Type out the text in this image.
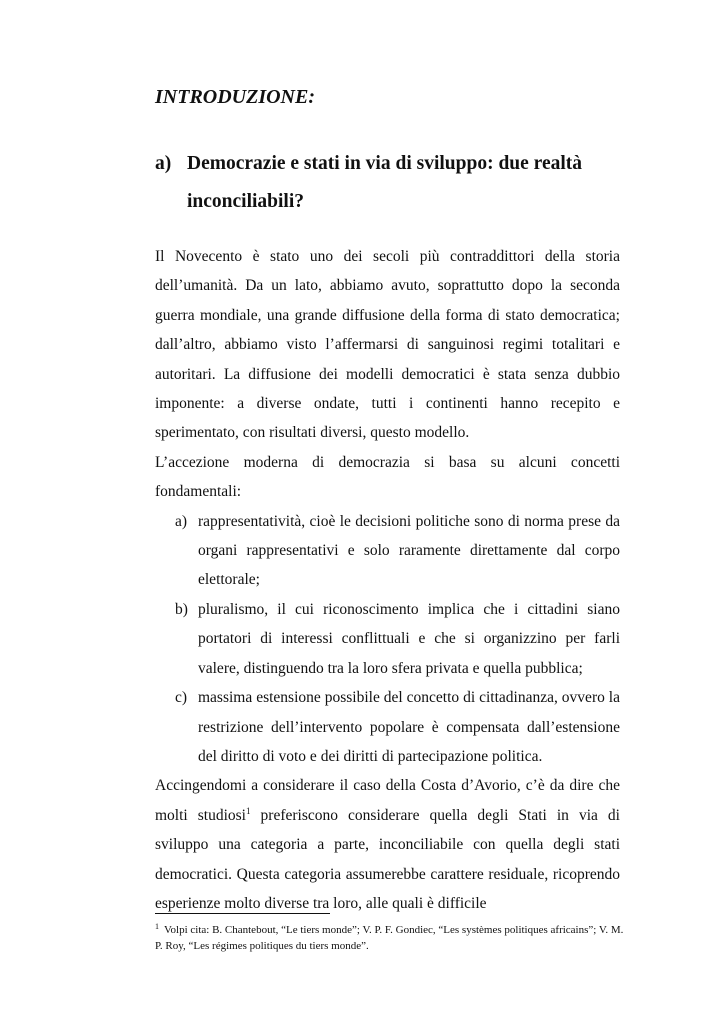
INTRODUZIONE:
a) Democrazie e stati in via di sviluppo: due realtà
inconciliabili?

Il Novecento è stato uno dei secoli più contraddittori della storia dell’umanità. Da un lato, abbiamo avuto, soprattutto dopo la seconda guerra mondiale, una grande diffusione della forma di stato democratica; dall’altro, abbiamo visto l’affermarsi di sanguinosi regimi totalitari e autoritari. La diffusione dei modelli democratici è stata senza dubbio imponente: a diverse ondate, tutti i continenti hanno recepito e sperimentato, con risultati diversi, questo modello.

L’accezione moderna di democrazia si basa su alcuni concetti fondamentali:

a) rappresentatività, cioè le decisioni politiche sono di norma prese da organi rappresentativi e solo raramente direttamente dal corpo elettorale;
b) pluralismo, il cui riconoscimento implica che i cittadini siano portatori di interessi conflittuali e che si organizzino per farli valere, distinguendo tra la loro sfera privata e quella pubblica;
c) massima estensione possibile del concetto di cittadinanza, ovvero la restrizione dell’intervento popolare è compensata dall’estensione del diritto di voto e dei diritti di partecipazione politica.

Accingendomi a considerare il caso della Costa d’Avorio, c’è da dire che molti studiosi$^1$ preferiscono considerare quella degli Stati in via di sviluppo una categoria a parte, inconciliabile con quella degli stati democratici. Questa categoria assumerebbe carattere residuale, ricoprendo esperienze molto diverse tra loro, alle quali è difficile

$^1$ Volpi cita: B. Chantebout, “Le tiers monde”; V. P. F. Gondiec, “Les systèmes politiques africains”; V. M. P. Roy, “Les régimes politiques du tiers monde”.
